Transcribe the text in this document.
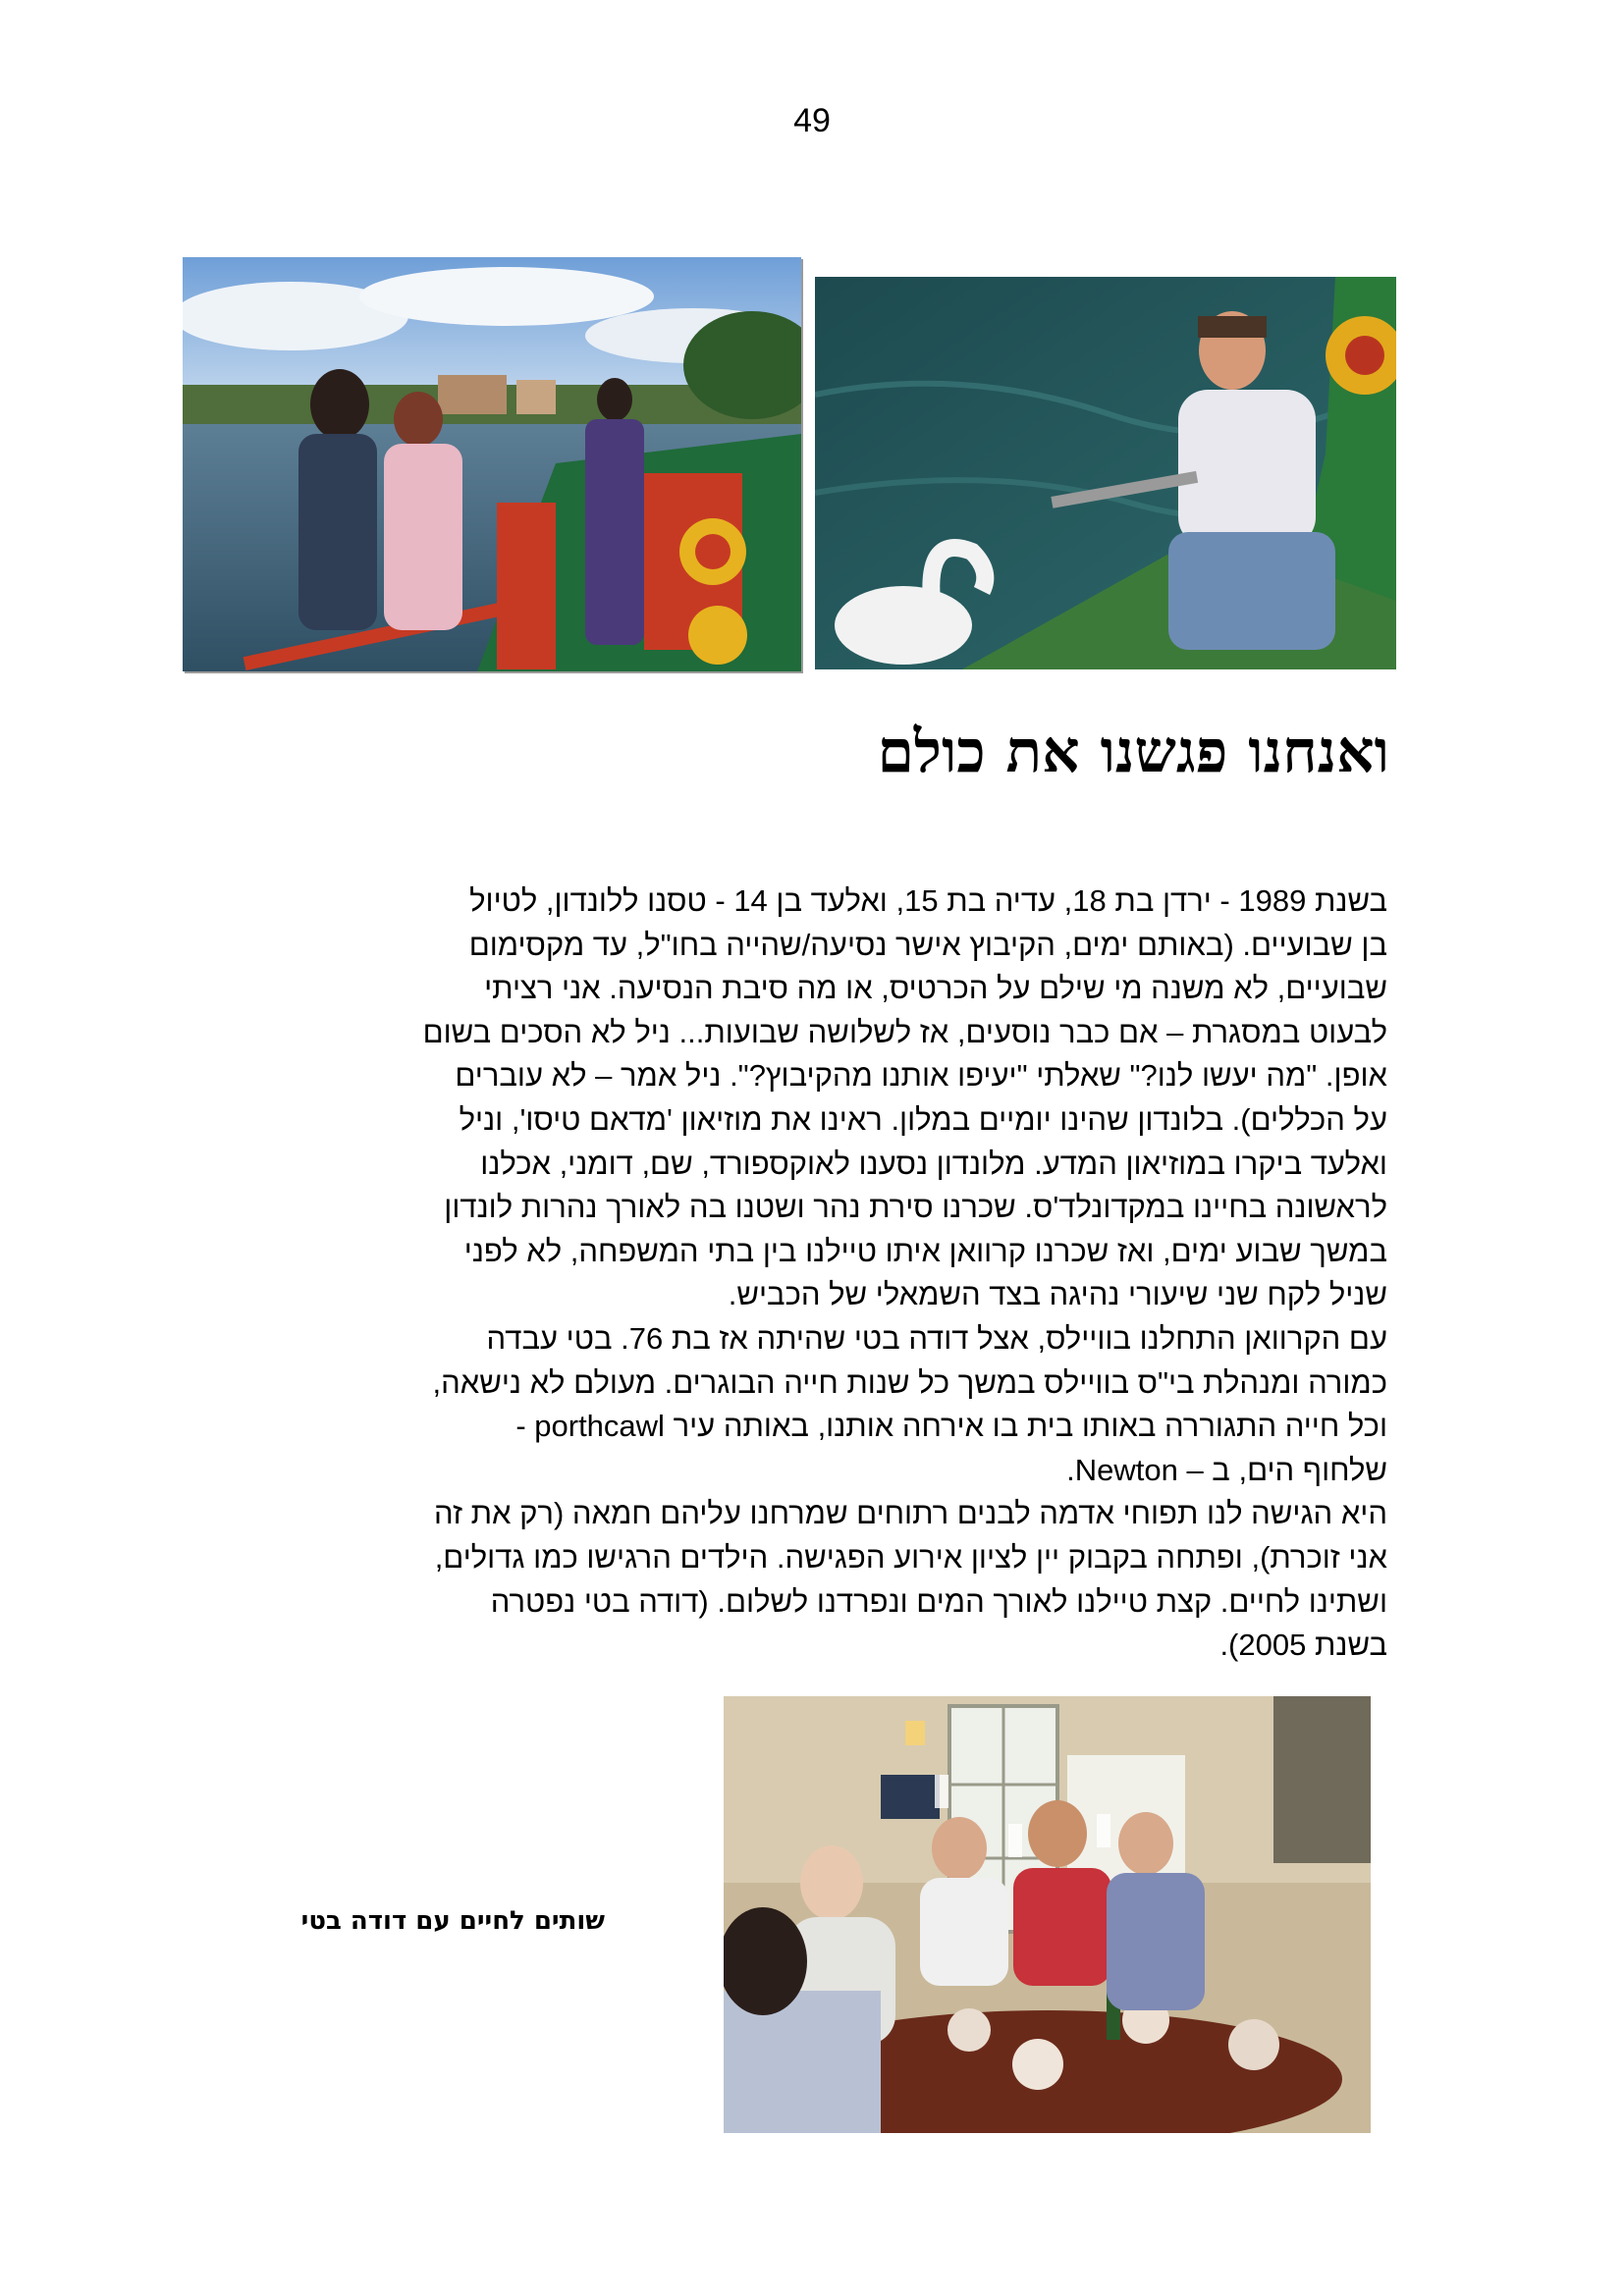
49
ואנחנו פגשנו את כולם
בשנת 1989 - ירדן בת 18, עדיה בת 15, ואלעד בן 14 - טסנו ללונדון, לטיול
בן שבועיים. (באותם ימים, הקיבוץ אישר נסיעה/שהייה בחו"ל, עד מקסימום
שבועיים, לא משנה מי שילם על הכרטיס, או מה סיבת הנסיעה. אני רציתי
לבעוט במסגרת – אם כבר נוסעים, אז לשלושה שבועות... ניל לא הסכים בשום
אופן. "מה יעשו לנו?" שאלתי "יעיפו אותנו מהקיבוץ?". ניל אמר – לא עוברים
על הכללים). בלונדון שהינו יומיים במלון. ראינו את מוזיאון 'מדאם טיסו', וניל
ואלעד ביקרו במוזיאון המדע. מלונדון נסענו לאוקספורד, שם, דומני, אכלנו
לראשונה בחיינו במקדונלד'ס. שכרנו סירת נהר ושטנו בה לאורך נהרות לונדון
במשך שבוע ימים, ואז שכרנו קרוואן איתו טיילנו בין בתי המשפחה, לא לפני
שניל לקח שני שיעורי נהיגה בצד השמאלי של הכביש.
עם הקרוואן התחלנו בוויילס, אצל דודה בטי שהיתה אז בת 76. בטי עבדה
כמורה ומנהלת בי"ס בוויילס במשך כל שנות חייה הבוגרים. מעולם לא נישאה,
וכל חייה התגוררה באותו בית בו אירחה אותנו, באותה עיר porthcawl -
שלחוף הים, ב – Newton.
היא הגישה לנו תפוחי אדמה לבנים רתוחים שמרחנו עליהם חמאה (רק את זה
אני זוכרת), ופתחה בקבוק יין לציון אירוע הפגישה. הילדים הרגישו כמו גדולים,
ושתינו לחיים. קצת טיילנו לאורך המים ונפרדנו לשלום. (דודה בטי נפטרה
בשנת 2005).
שותים לחיים עם דודה בטי
